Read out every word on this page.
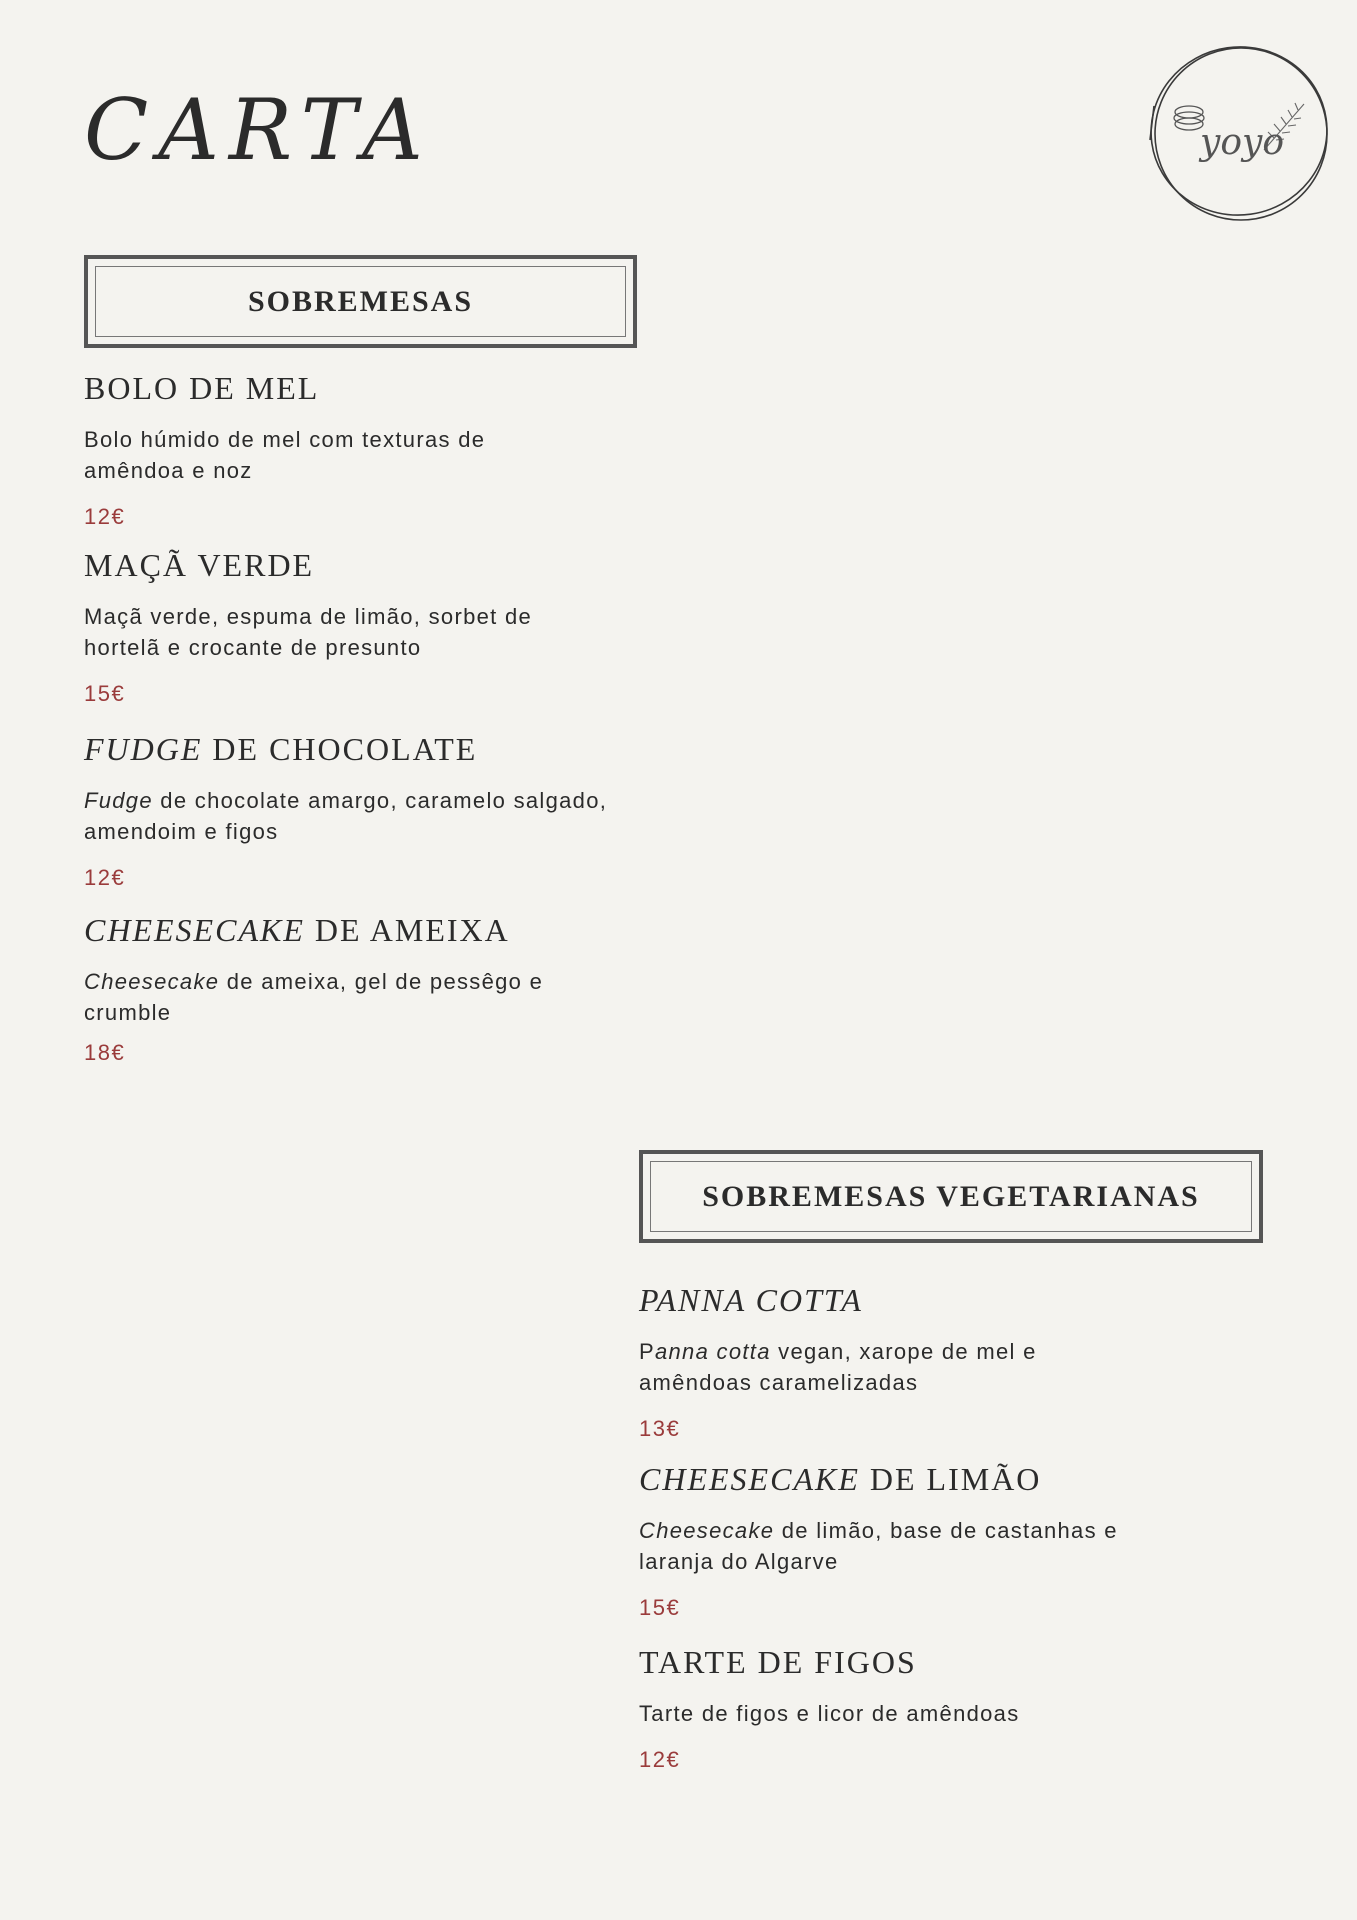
CARTA	yoyo
SOBREMESAS
BOLO DE MEL
Bolo húmido de mel com texturas de amêndoa e noz
12€
MAÇÃ VERDE
Maçã verde, espuma de limão, sorbet de hortelã e crocante de presunto
15€
FUDGE DE CHOCOLATE
Fudge de chocolate amargo, caramelo salgado, amendoim e figos
12€
CHEESECAKE DE AMEIXA
Cheesecake de ameixa, gel de pessêgo e crumble
18€
SOBREMESAS VEGETARIANAS
PANNA COTTA
Panna cotta vegan, xarope de mel e amêndoas caramelizadas
13€
CHEESECAKE DE LIMÃO
Cheesecake de limão, base de castanhas e laranja do Algarve
15€
TARTE DE FIGOS
Tarte de figos e licor de amêndoas
12€
